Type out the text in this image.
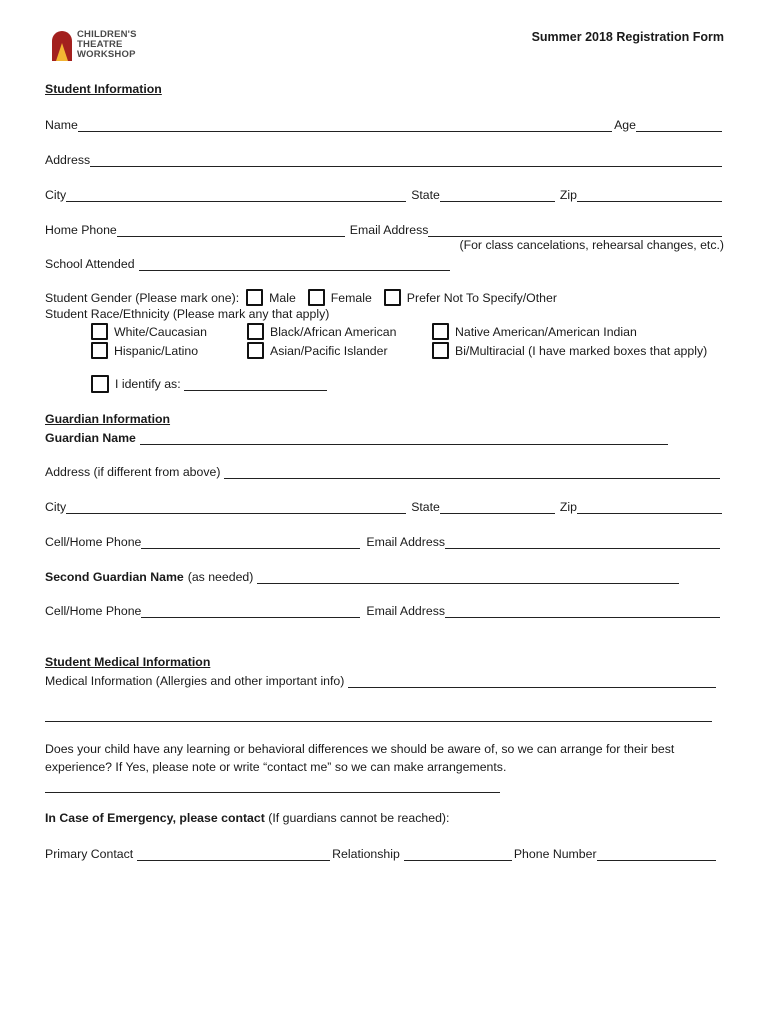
CHILDREN'S
THEATRE
WORKSHOP
Summer 2018 Registration Form
Student Information
Name	Age
Address
City	State	Zip
Home Phone	Email Address
(For class cancelations, rehearsal changes, etc.)
School Attended
Student Gender (Please mark one): Male	Female	Prefer Not To Specify/Other
Student Race/Ethnicity (Please mark any that apply)
White/Caucasian	Black/African American	Native American/American Indian
Hispanic/Latino	Asian/Pacific Islander	Bi/Multiracial (I have marked boxes that apply)
I identify as:
Guardian Information
Guardian Name
Address (if different from above)
City	State	Zip
Cell/Home Phone	Email Address
Second Guardian Name (as needed)
Cell/Home Phone	Email Address
Student Medical Information
Medical Information (Allergies and other important info)
Does your child have any learning or behavioral differences we should be aware of, so we can arrange for their best
experience? If Yes, please note or write “contact me” so we can make arrangements.
In Case of Emergency, please contact (If guardians cannot be reached):
Primary Contact	Relationship	Phone Number
